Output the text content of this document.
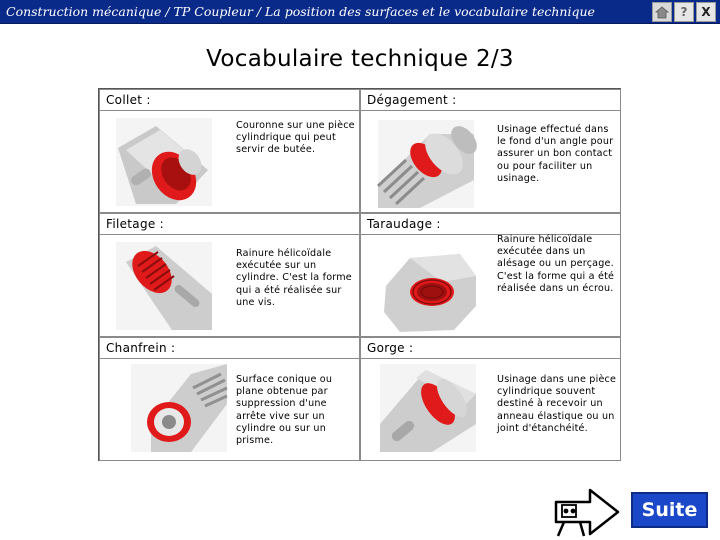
Construction mécanique / TP Coupleur / La position des surfaces et le vocabulaire technique	? X
Vocabulaire technique 2/3
Collet :
Couronne sur une pièce cylindrique qui peut servir de butée.
Dégagement :
Usinage effectué dans le fond d'un angle pour assurer un bon contact ou pour faciliter un usinage.
Filetage :
Rainure hélicoïdale exécutée sur un cylindre. C'est la forme qui a été réalisée sur une vis.
Taraudage :
Rainure hélicoïdale exécutée dans un alésage ou un perçage. C'est la forme qui a été réalisée dans un écrou.
Chanfrein :
Surface conique ou plane obtenue par suppression d'une arrête vive sur un cylindre ou sur un prisme.
Gorge :
Usinage dans une pièce cylindrique souvent destiné à recevoir un anneau élastique ou un joint d'étanchéité.
Suite
